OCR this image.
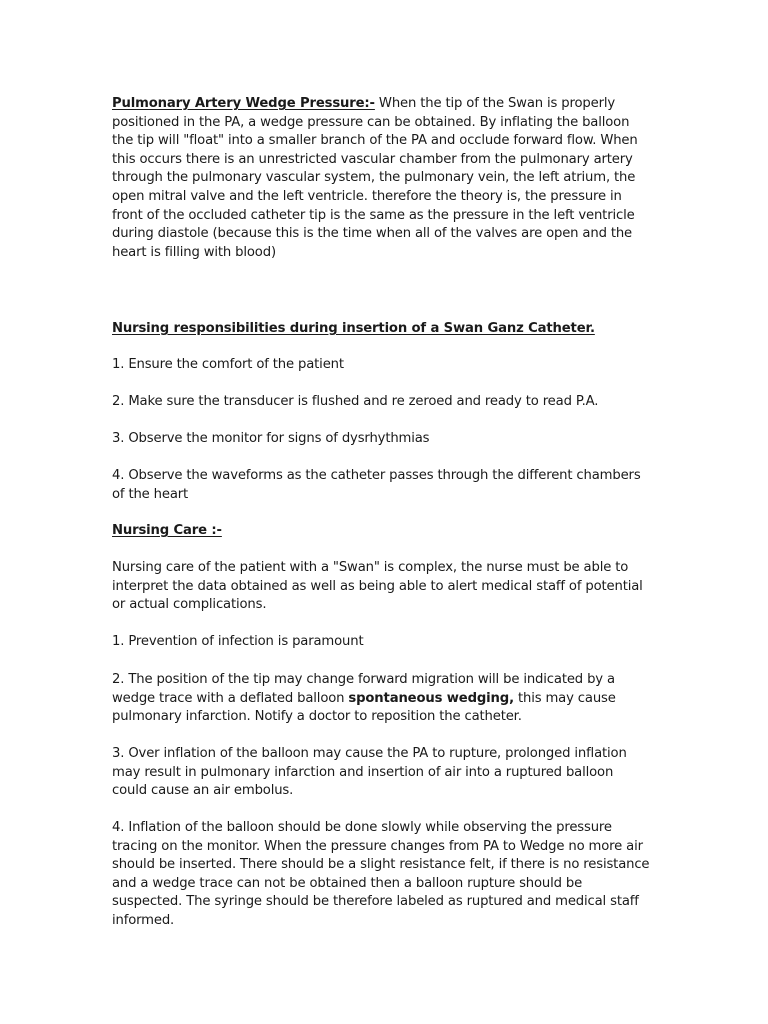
Pulmonary Artery Wedge Pressure:- When the tip of the Swan is properly positioned in the PA, a wedge pressure can be obtained. By inflating the balloon the tip will "float" into a smaller branch of the PA and occlude forward flow. When this occurs there is an unrestricted vascular chamber from the pulmonary artery through the pulmonary vascular system, the pulmonary vein, the left atrium, the open mitral valve and the left ventricle. therefore the theory is, the pressure in front of the occluded catheter tip is the same as the pressure in the left ventricle during diastole (because this is the time when all of the valves are open and the heart is filling with blood)

Nursing responsibilities during insertion of a Swan Ganz Catheter.

1. Ensure the comfort of the patient

2. Make sure the transducer is flushed and re zeroed and ready to read P.A.

3. Observe the monitor for signs of dysrhythmias

4. Observe the waveforms as the catheter passes through the different chambers of the heart

Nursing Care :-

Nursing care of the patient with a "Swan" is complex, the nurse must be able to interpret the data obtained as well as being able to alert medical staff of potential or actual complications.

1. Prevention of infection is paramount

2. The position of the tip may change forward migration will be indicated by a wedge trace with a deflated balloon spontaneous wedging, this may cause pulmonary infarction. Notify a doctor to reposition the catheter.

3. Over inflation of the balloon may cause the PA to rupture, prolonged inflation may result in pulmonary infarction and insertion of air into a ruptured balloon could cause an air embolus.

4. Inflation of the balloon should be done slowly while observing the pressure tracing on the monitor. When the pressure changes from PA to Wedge no more air should be inserted. There should be a slight resistance felt, if there is no resistance and a wedge trace can not be obtained then a balloon rupture should be suspected. The syringe should be therefore labeled as ruptured and medical staff informed.
